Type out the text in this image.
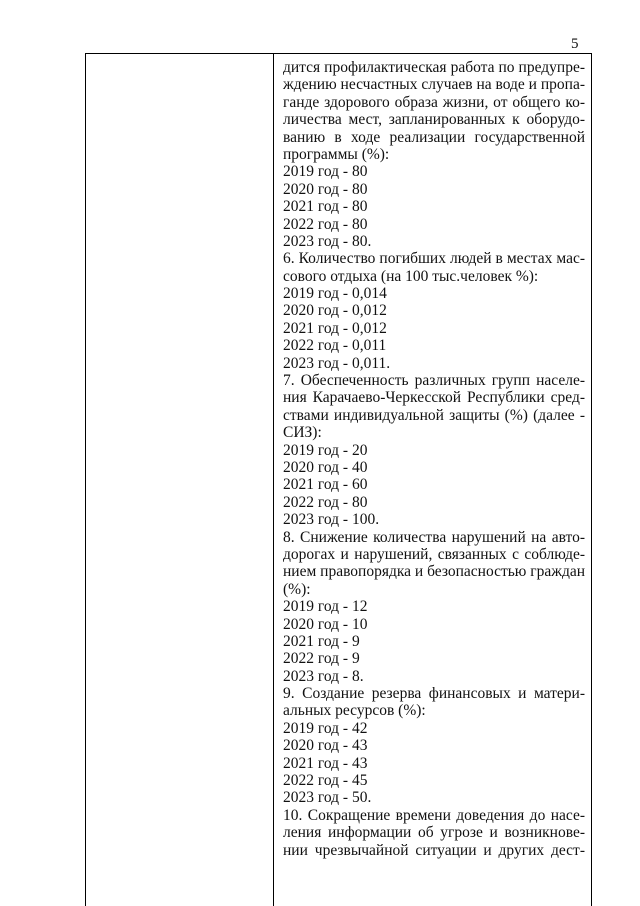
5
дится профилактическая работа по предупре-
ждению несчастных случаев на воде и пропа-
ганде здорового образа жизни, от общего ко-
личества мест, запланированных к оборудо-
ванию в ходе реализации государственной
программы (%):
2019 год - 80
2020 год - 80
2021 год - 80
2022 год - 80
2023 год - 80.
6. Количество погибших людей в местах мас-
сового отдыха (на 100 тыс.человек %):
2019 год - 0,014
2020 год - 0,012
2021 год - 0,012
2022 год - 0,011
2023 год - 0,011.
7. Обеспеченность различных групп населе-
ния Карачаево-Черкесской Республики сред-
ствами индивидуальной защиты (%) (далее -
СИЗ):
2019 год - 20
2020 год - 40
2021 год - 60
2022 год - 80
2023 год - 100.
8. Снижение количества нарушений на авто-
дорогах и нарушений, связанных с соблюде-
нием правопорядка и безопасностью граждан
(%):
2019 год - 12
2020 год - 10
2021 год - 9
2022 год - 9
2023 год - 8.
9. Создание резерва финансовых и матери-
альных ресурсов (%):
2019 год - 42
2020 год - 43
2021 год - 43
2022 год - 45
2023 год - 50.
10. Сокращение времени доведения до насе-
ления информации об угрозе и возникнове-
нии чрезвычайной ситуации и других дест-
